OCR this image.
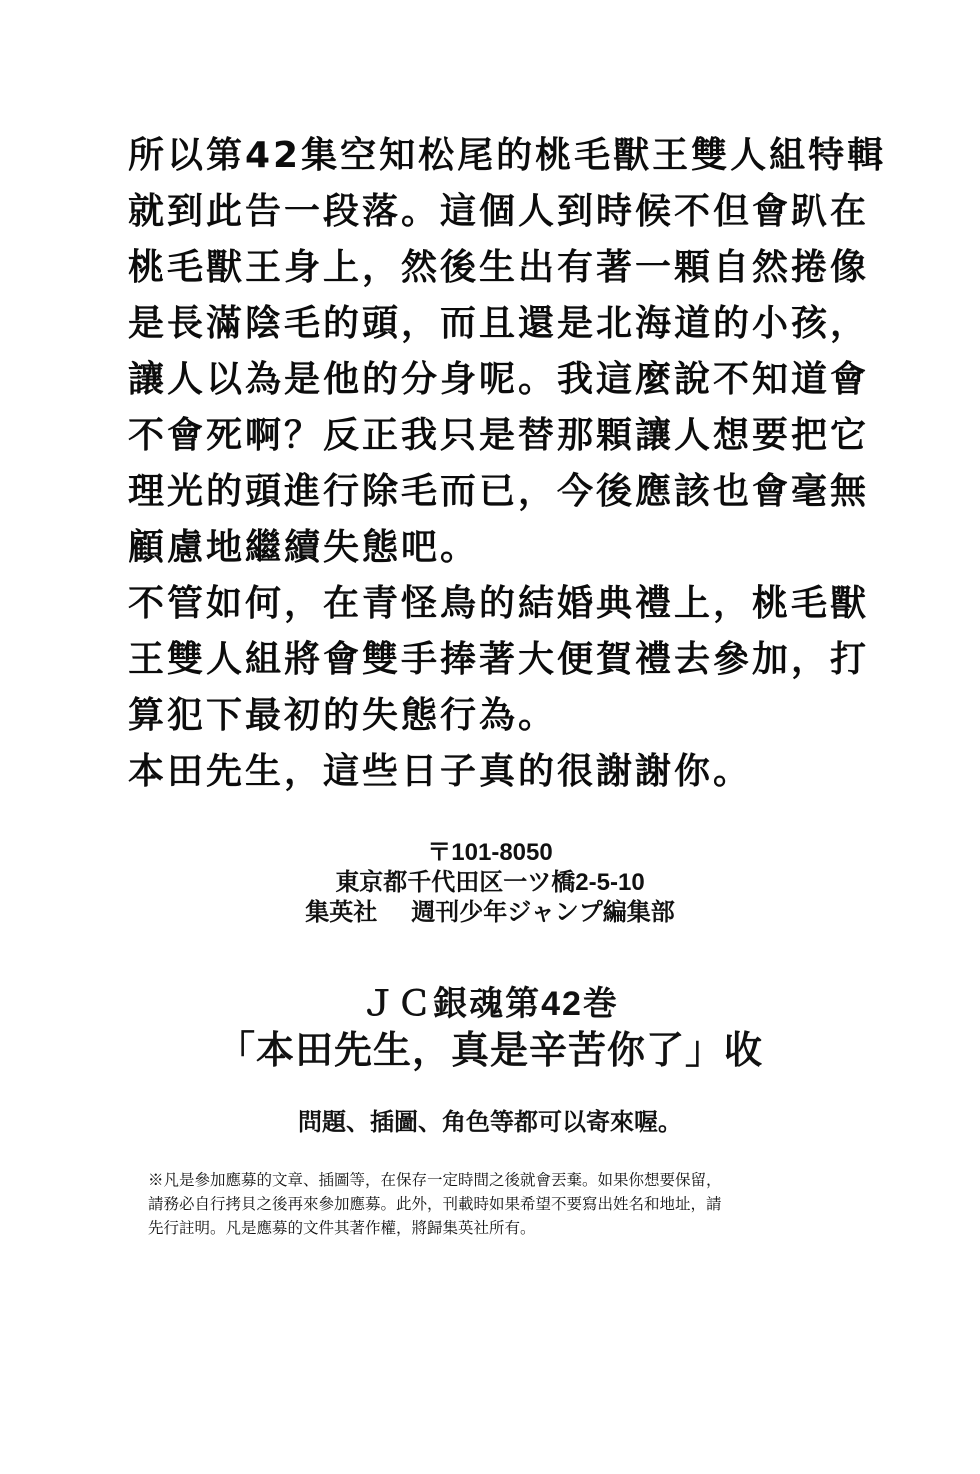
所以第42集空知松尾的桃毛獸王雙人組特輯
就到此告一段落。這個人到時候不但會趴在
桃毛獸王身上，然後生出有著一顆自然捲像
是長滿陰毛的頭，而且還是北海道的小孩，
讓人以為是他的分身呢。我這麼說不知道會
不會死啊？反正我只是替那顆讓人想要把它
理光的頭進行除毛而已，今後應該也會毫無
顧慮地繼續失態吧。
不管如何，在青怪鳥的結婚典禮上，桃毛獸
王雙人組將會雙手捧著大便賀禮去參加，打
算犯下最初的失態行為。
本田先生，這些日子真的很謝謝你。
〒101-8050
東京都千代田区一ツ橋2-5-10
集英社 週刊少年ジャンプ編集部
ＪＣ銀魂第42巻
「本田先生，真是辛苦你了」收
問題、插圖、角色等都可以寄來喔。
※凡是參加應募的文章、插圖等，在保存一定時間之後就會丟棄。如果你想要保留，
請務必自行拷貝之後再來參加應募。此外，刊載時如果希望不要寫出姓名和地址，請
先行註明。凡是應募的文件其著作權，將歸集英社所有。
